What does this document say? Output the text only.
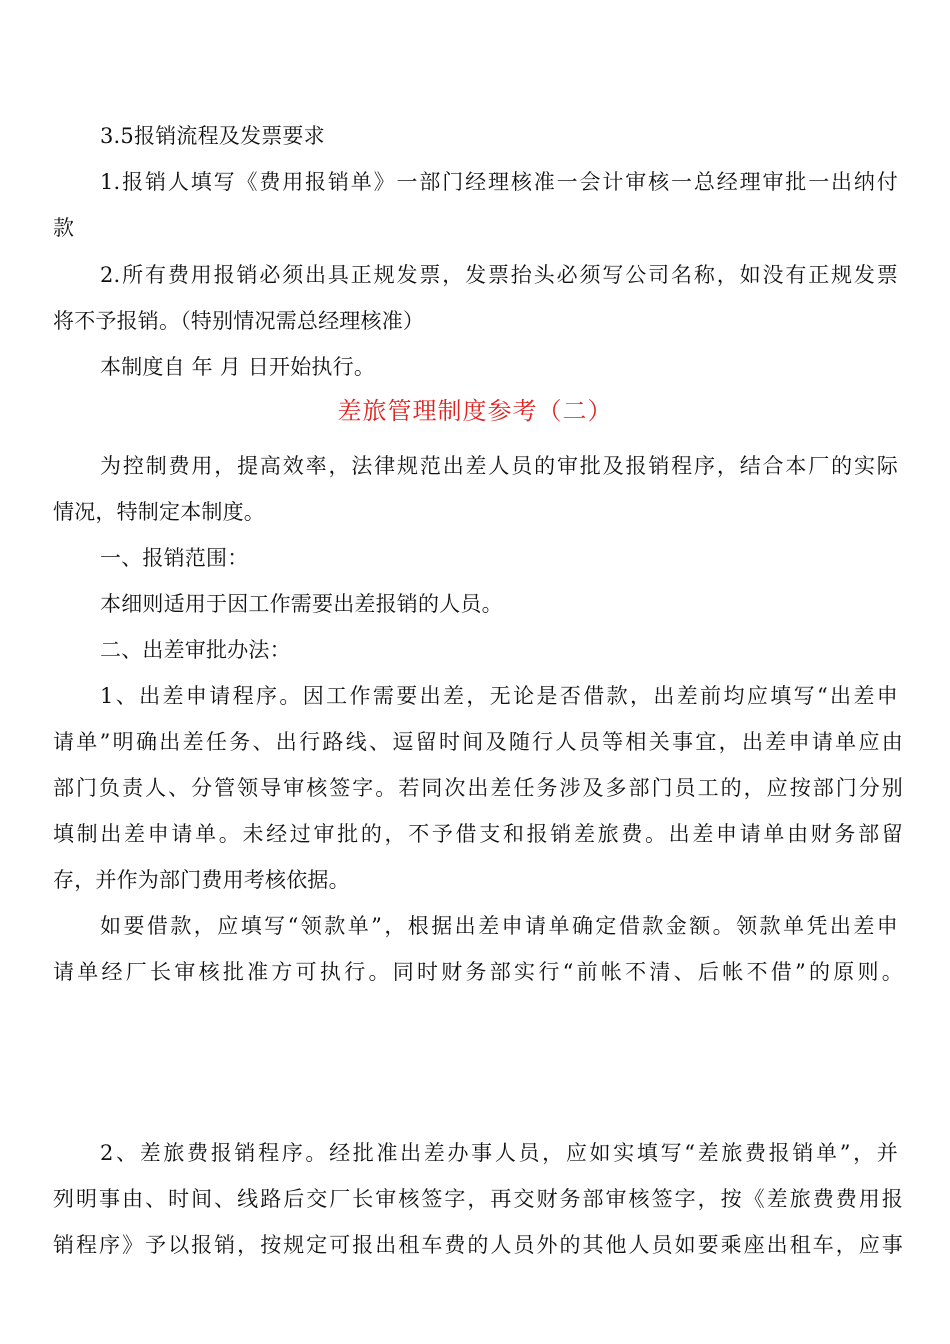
3.5报销流程及发票要求
1.报销人填写《费用报销单》一部门经理核准一会计审核一总经理审批一出纳付
款
2.所有费用报销必须出具正规发票，发票抬头必须写公司名称，如没有正规发票
将不予报销。（特别情况需总经理核准）
本制度自 年 月 日开始执行。
差旅管理制度参考（二）
为控制费用，提高效率，法律规范出差人员的审批及报销程序，结合本厂的实际
情况，特制定本制度。
一、报销范围：
本细则适用于因工作需要出差报销的人员。
二、出差审批办法：
1、出差申请程序。因工作需要出差，无论是否借款，出差前均应填写“出差申
请单”明确出差任务、出行路线、逗留时间及随行人员等相关事宜，出差申请单应由
部门负责人、分管领导审核签字。若同次出差任务涉及多部门员工的，应按部门分别
填制出差申请单。未经过审批的，不予借支和报销差旅费。出差申请单由财务部留
存，并作为部门费用考核依据。
如要借款，应填写“领款单”，根据出差申请单确定借款金额。领款单凭出差申
请单经厂长审核批准方可执行。同时财务部实行“前帐不清、后帐不借”的原则。
2、差旅费报销程序。经批准出差办事人员，应如实填写“差旅费报销单”，并
列明事由、时间、线路后交厂长审核签字，再交财务部审核签字，按《差旅费费用报
销程序》予以报销，按规定可报出租车费的人员外的其他人员如要乘座出租车，应事
